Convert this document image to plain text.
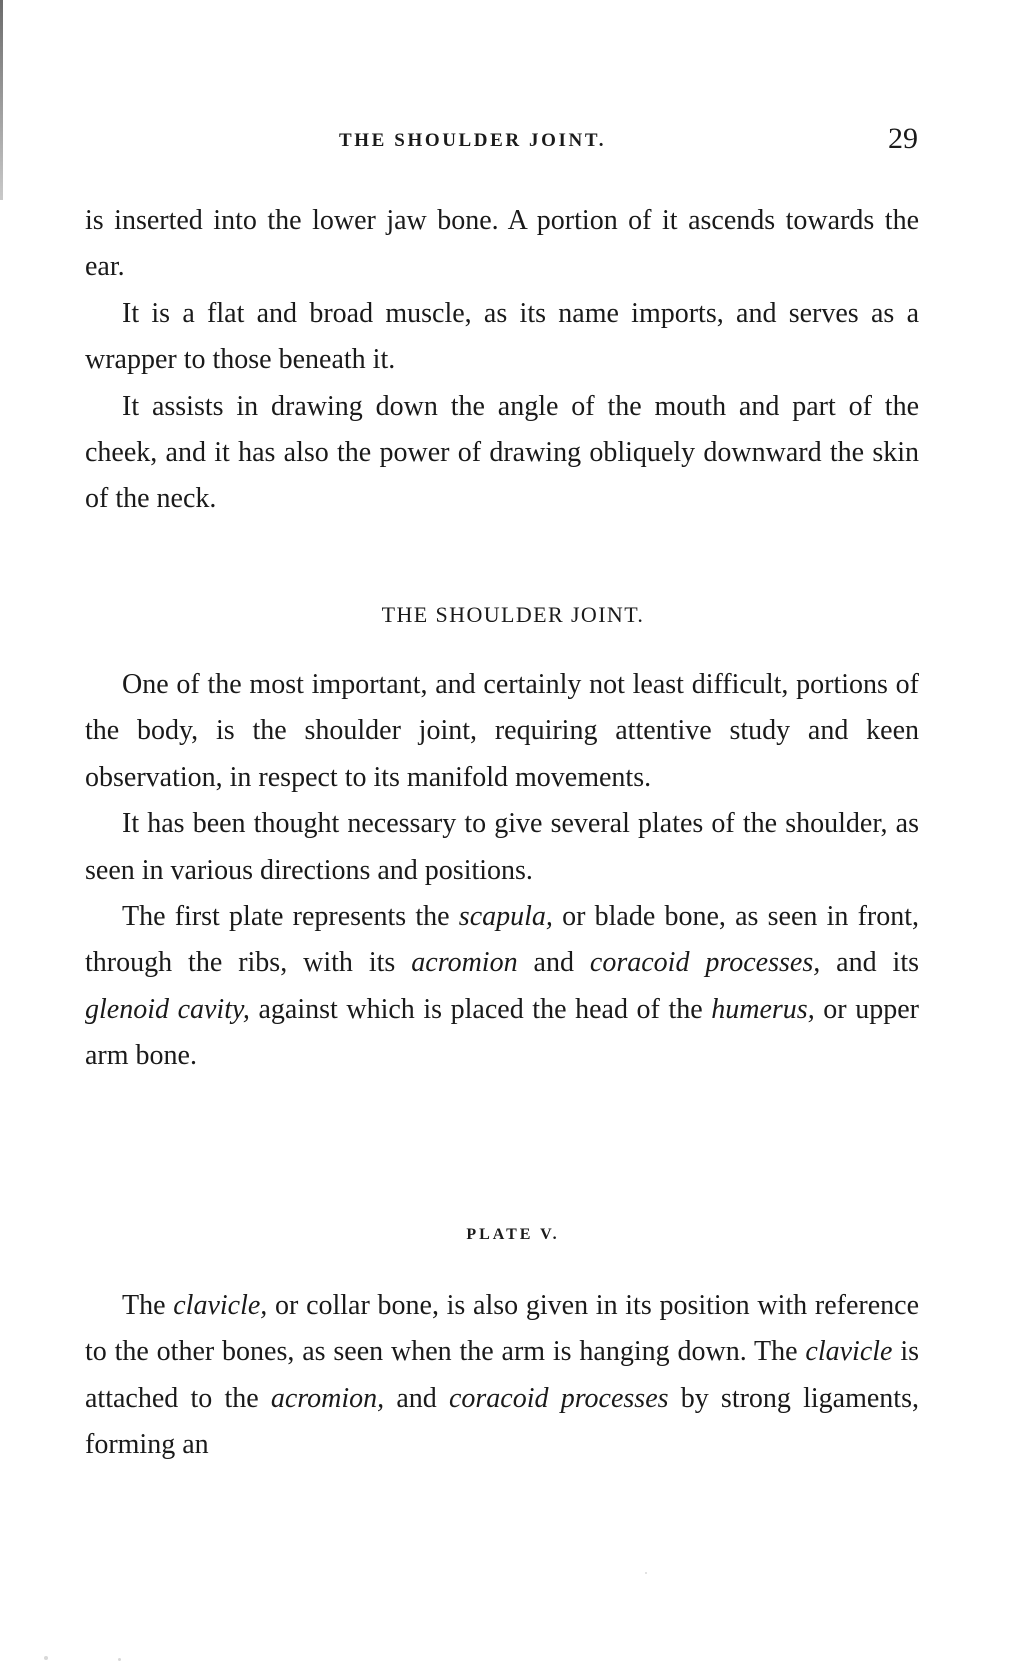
THE SHOULDER JOINT.	29

is inserted into the lower jaw bone. A portion of it ascends towards the ear.

It is a flat and broad muscle, as its name imports, and serves as a wrapper to those beneath it.

It assists in drawing down the angle of the mouth and part of the cheek, and it has also the power of drawing obliquely downward the skin of the neck.

THE SHOULDER JOINT.

One of the most important, and certainly not least difficult, portions of the body, is the shoulder joint, requiring attentive study and keen observation, in respect to its manifold movements.

It has been thought necessary to give several plates of the shoulder, as seen in various directions and positions.

The first plate represents the scapula, or blade bone, as seen in front, through the ribs, with its acromion and coracoid processes, and its glenoid cavity, against which is placed the head of the humerus, or upper arm bone.

PLATE V.

The clavicle, or collar bone, is also given in its position with reference to the other bones, as seen when the arm is hanging down. The clavicle is attached to the acromion, and coracoid processes by strong ligaments, forming an
